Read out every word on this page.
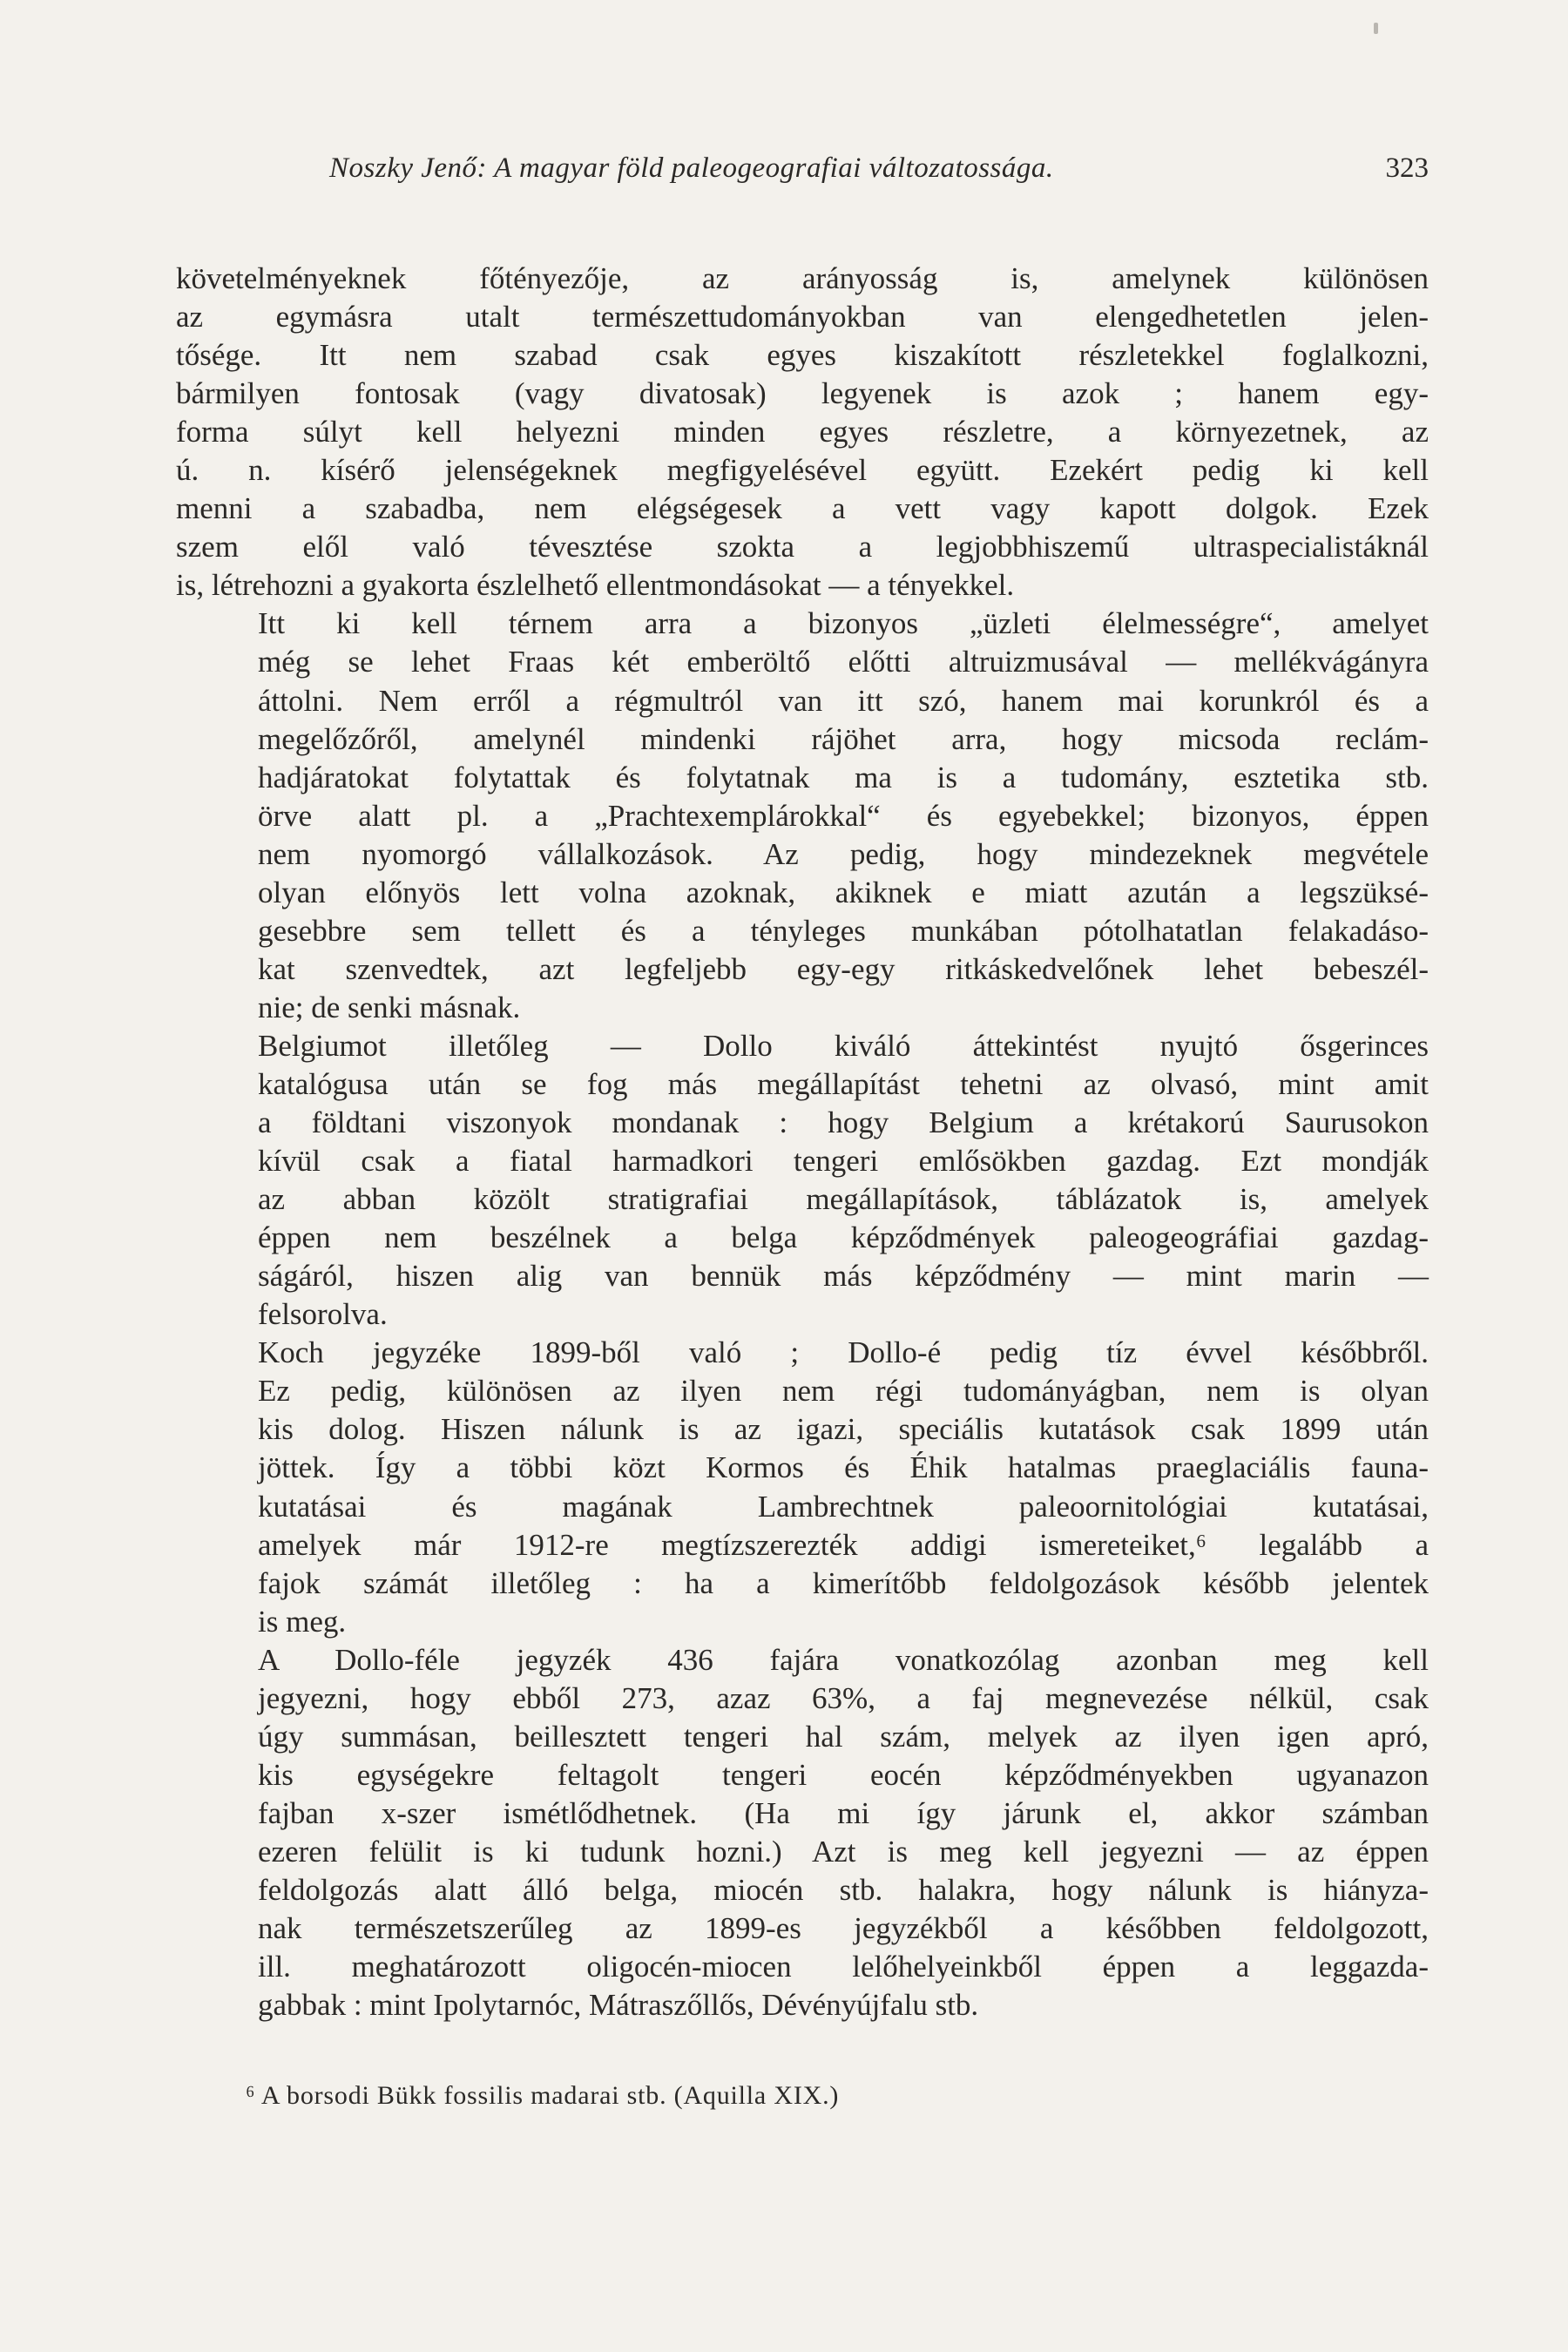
Noszky Jenő: A magyar föld paleogeografiai változatossága.	323

követelményeknek főtényezője, az arányosság is, amelynek különösen
az egymásra utalt természettudományokban van elengedhetetlen jelen-
tősége. Itt nem szabad csak egyes kiszakított részletekkel foglalkozni,
bármilyen fontosak (vagy divatosak) legyenek is azok ; hanem egy-
forma súlyt kell helyezni minden egyes részletre, a környezetnek, az
ú. n. kísérő jelenségeknek megfigyelésével együtt. Ezekért pedig ki kell
menni a szabadba, nem elégségesek a vett vagy kapott dolgok. Ezek
szem elől való tévesztése szokta a legjobbhiszemű ultraspecialistáknál
is, létrehozni a gyakorta észlelhető ellentmondásokat — a tényekkel.

Itt ki kell térnem arra a bizonyos „üzleti élelmességre“, amelyet
még se lehet Fraas két emberöltő előtti altruizmusával — mellékvágányra
áttolni. Nem erről a régmultról van itt szó, hanem mai korunkról és a
megelőzőről, amelynél mindenki rájöhet arra, hogy micsoda reclám-
hadjáratokat folytattak és folytatnak ma is a tudomány, esztetika stb.
örve alatt pl. a „Prachtexemplárokkal“ és egyebekkel; bizonyos, éppen
nem nyomorgó vállalkozások. Az pedig, hogy mindezeknek megvétele
olyan előnyös lett volna azoknak, akiknek e miatt azután a legszüksé-
gesebbre sem tellett és a tényleges munkában pótolhatatlan felakadáso-
kat szenvedtek, azt legfeljebb egy-egy ritkáskedvelőnek lehet bebeszél-
nie; de senki másnak.

Belgiumot illetőleg — Dollo kiváló áttekintést nyujtó ősgerinces
katalógusa után se fog más megállapítást tehetni az olvasó, mint amit
a földtani viszonyok mondanak : hogy Belgium a krétakorú Saurusokon
kívül csak a fiatal harmadkori tengeri emlősökben gazdag. Ezt mondják
az abban közölt stratigrafiai megállapítások, táblázatok is, amelyek
éppen nem beszélnek a belga képződmények paleogeográfiai gazdag-
ságáról, hiszen alig van bennük más képződmény — mint marin —
felsorolva.

Koch jegyzéke 1899-ből való ; Dollo-é pedig tíz évvel későbbről.
Ez pedig, különösen az ilyen nem régi tudományágban, nem is olyan
kis dolog. Hiszen nálunk is az igazi, speciális kutatások csak 1899 után
jöttek. Így a többi közt Kormos és Éhik hatalmas praeglaciális fauna-
kutatásai és magának Lambrechtnek paleoornitológiai kutatásai,
amelyek már 1912-re megtízszerezték addigi ismereteiket,⁶ legalább a
fajok számát illetőleg : ha a kimerítőbb feldolgozások később jelentek
is meg.

A Dollo-féle jegyzék 436 fajára vonatkozólag azonban meg kell
jegyezni, hogy ebből 273, azaz 63%, a faj megnevezése nélkül, csak
úgy summásan, beillesztett tengeri hal szám, melyek az ilyen igen apró,
kis egységekre feltagolt tengeri eocén képződményekben ugyanazon
fajban x-szer ismétlődhetnek. (Ha mi így járunk el, akkor számban
ezeren felülit is ki tudunk hozni.) Azt is meg kell jegyezni — az éppen
feldolgozás alatt álló belga, miocén stb. halakra, hogy nálunk is hiányza-
nak természetszerűleg az 1899-es jegyzékből a későbben feldolgozott,
ill. meghatározott oligocén-miocen lelőhelyeinkből éppen a leggazda-
gabbak : mint Ipolytarnóc, Mátraszőllős, Dévényújfalu stb.

⁶ A borsodi Bükk fossilis madarai stb. (Aquilla XIX.)
